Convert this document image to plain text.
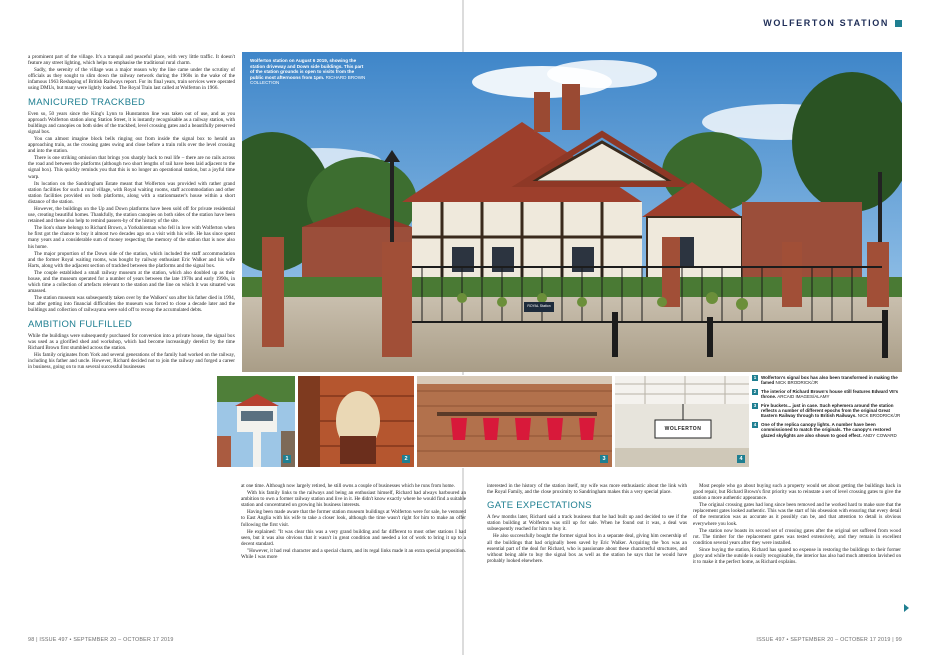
WOLFERTON STATION

a prominent part of the village. It's a tranquil and peaceful place, with very little traffic. It doesn't feature any street lighting, which helps to emphasise the traditional rural charm.

Sadly, the serenity of the village was a major reason why the line came under the scrutiny of officials as they sought to slim down the railway network during the 1960s in the wake of the infamous 1963 Reshaping of British Railways report. For its final years, train services were operated using DMUs, but many were lightly loaded. The Royal Train last called at Wolferton in 1966.

MANICURED TRACKBED

Even so, 50 years since the King's Lynn to Hunstanton line was taken out of use, and as you approach Wolferton station along Station Street, it is instantly recognisable as a railway station, with buildings and canopies on both sides of the trackbed, level crossing gates and a beautifully preserved signal box.

You can almost imagine block bells ringing out from inside the signal box to herald an approaching train, as the crossing gates swing and close before a train rolls over the level crossing and into the station.

There is one striking omission that brings you sharply back to real life – there are no rails across the road and between the platforms (although two short lengths of rail have been laid adjacent to the signal box). This quickly reminds you that this is no longer an operational station, but a joyful time warp.

Its location on the Sandringham Estate meant that Wolferton was provided with rather grand station facilities for such a rural village, with Royal waiting rooms, staff accommodation and other station facilities provided on both platforms, along with a stationmaster's house within a short distance of the station.

However, the buildings on the Up and Down platforms have been sold off for private residential use, creating beautiful homes. Thankfully, the station canopies on both sides of the station have been retained and these also help to remind passers-by of the history of the site.

The lion's share belongs to Richard Brown, a Yorkshireman who fell in love with Wolferton when he first got the chance to buy it almost two decades ago on a visit with his wife. He has since spent many years and a considerable sum of money respecting the memory of the station that is now also his home.

The major proportion of the Down side of the station, which included the staff accommodation and the former Royal waiting rooms, was bought by railway enthusiast Eric Walker and his wife Harts, along with the adjacent section of trackbed between the platforms and the signal box.

The couple established a small railway museum at the station, which also doubled up as their house, and the museum operated for a number of years between the late 1970s and early 1990s, in which time a collection of artefacts relevant to the station and the line on which it was situated was amassed.

The station museum was subsequently taken over by the Walkers' son after his father died in 1994, but after getting into financial difficulties the museum was forced to close a decade later and the buildings and collection of railwayana were sold off to recoup the accumulated debts.

AMBITION FULFILLED

While the buildings were subsequently purchased for conversion into a private house, the signal box was used as a glorified shed and workshop, which had become increasingly derelict by the time Richard Brown first stumbled across the station.

His family originates from York and several generations of the family had worked on the railway, including his father and uncle. However, Richard decided not to join the railway and forged a career in business, going on to run several successful businesses

ROYAL Station
Wolferton station on August 6 2019, showing the station driveway and Down side buildings. This part of the station grounds is open to visits from the public most afternoons from 1pm. RICHARD BROWN COLLECTION
1	2	3
WOLFERTON
4
1	Wolferton's signal box has also been transformed in making the famed NICK BRODRICK/JR
2	The interior of Richard Brown's house still features Edward VII's throne. ARCAID IMAGES/ALAMY
3	Fire buckets... just in case. Such ephemera around the station reflects a number of different epochs from the original Great Eastern Railway through to British Railways. NICK BRODRICK/JR
4	One of the replica canopy lights. A number have been commissioned to match the originals. The canopy's restored glazed skylights are also shown to good effect. ANDY COWARD

at one time. Although now largely retired, he still owns a couple of businesses which he runs from home.

With his family links to the railways and being an enthusiast himself, Richard had always harboured an ambition to own a former railway station and live in it. He didn't know exactly where he would find a suitable station and concentrated on growing his business interests.

Having been made aware that the former station museum buildings at Wolferton were for sale, he ventured to East Anglia with his wife to take a closer look, although the time wasn't right for him to make an offer following the first visit.

He explained: "It was clear this was a very grand building and far different to most other stations I had seen, but it was also obvious that it wasn't in great condition and needed a lot of work to bring it up to a decent standard.

"However, it had real character and a special charm, and its regal links made it an extra special proposition. While I was more

interested in the history of the station itself, my wife was more enthusiastic about the link with the Royal Family, and the close proximity to Sandringham makes this a very special place.

GATE EXPECTATIONS

A few months later, Richard said a track business that he had built up and decided to see if the station building at Wolferton was still up for sale. When he found out it was, a deal was subsequently reached for him to buy it.

He also successfully bought the former signal box in a separate deal, giving him ownership of all the buildings that had originally been saved by Eric Walker. Acquiring the 'box was an essential part of the deal for Richard, who is passionate about these characterful structures, and without being able to buy the signal box as well as the station he says that he would have probably looked elsewhere.

Most people who go about buying such a property would set about getting the buildings back in good repair, but Richard Brown's first priority was to reinstate a set of level crossing gates to give the station a more authentic appearance.

The original crossing gates had long since been removed and he worked hard to make sure that the replacement gates looked authentic. This was the start of his obsession with ensuring that every detail of the restoration was as accurate as it possibly can be, and that attention to detail is obvious everywhere you look.

The station now boasts its second set of crossing gates after the original set suffered from wood rot. The timber for the replacement gates was tested extensively, and they remain in excellent condition several years after they were installed.

Since buying the station, Richard has spared no expense in restoring the buildings to their former glory and while the outside is easily recognisable, the interior has also had much attention lavished on it to make it the perfect home, as Richard explains.

98 | ISSUE 497 • SEPTEMBER 20 – OCTOBER 17 2019	ISSUE 497 • SEPTEMBER 20 – OCTOBER 17 2019 | 99
